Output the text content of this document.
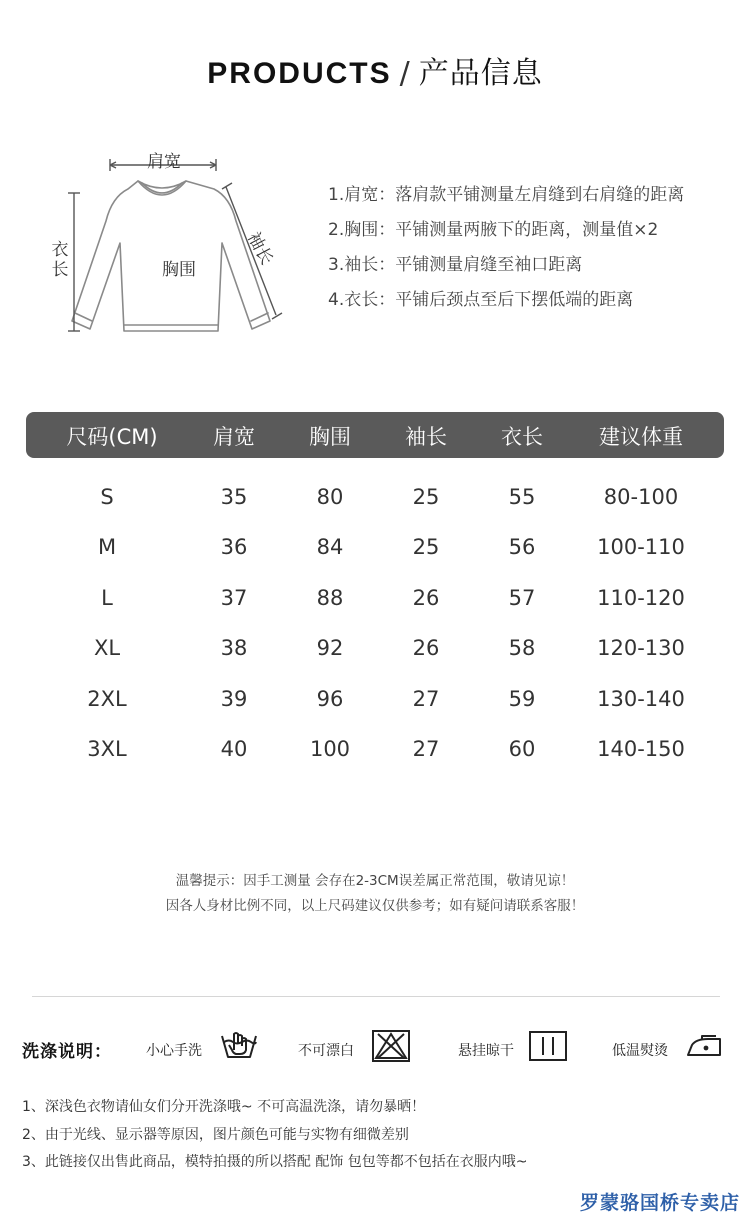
PRODUCTS / 产品信息
肩宽
衣长	胸围
袖长
1.肩宽：落肩款平铺测量左肩缝到右肩缝的距离
2.胸围：平铺测量两腋下的距离，测量值×2
3.袖长：平铺测量肩缝至袖口距离
4.衣长：平铺后颈点至后下摆低端的距离
尺码(CM)	肩宽	胸围	袖长	衣长	建议体重
S	35	80	25	55	80-100
M	36	84	25	56	100-110
L	37	88	26	57	110-120
XL	38	92	26	58	120-130
2XL	39	96	27	59	130-140
3XL	40	100	27	60	140-150
温馨提示：因手工测量 会存在2-3CM误差属正常范围，敬请见谅！
因各人身材比例不同，以上尺码建议仅供参考；如有疑问请联系客服！
洗涤说明： 小心手洗	不可漂白	悬挂晾干	低温熨烫
1、深浅色衣物请仙女们分开洗涤哦~ 不可高温洗涤，请勿暴晒！
2、由于光线、显示器等原因，图片颜色可能与实物有细微差别
3、此链接仅出售此商品，模特拍摄的所以搭配 配饰 包包等都不包括在衣服内哦~
罗蒙骆国桥专卖店
